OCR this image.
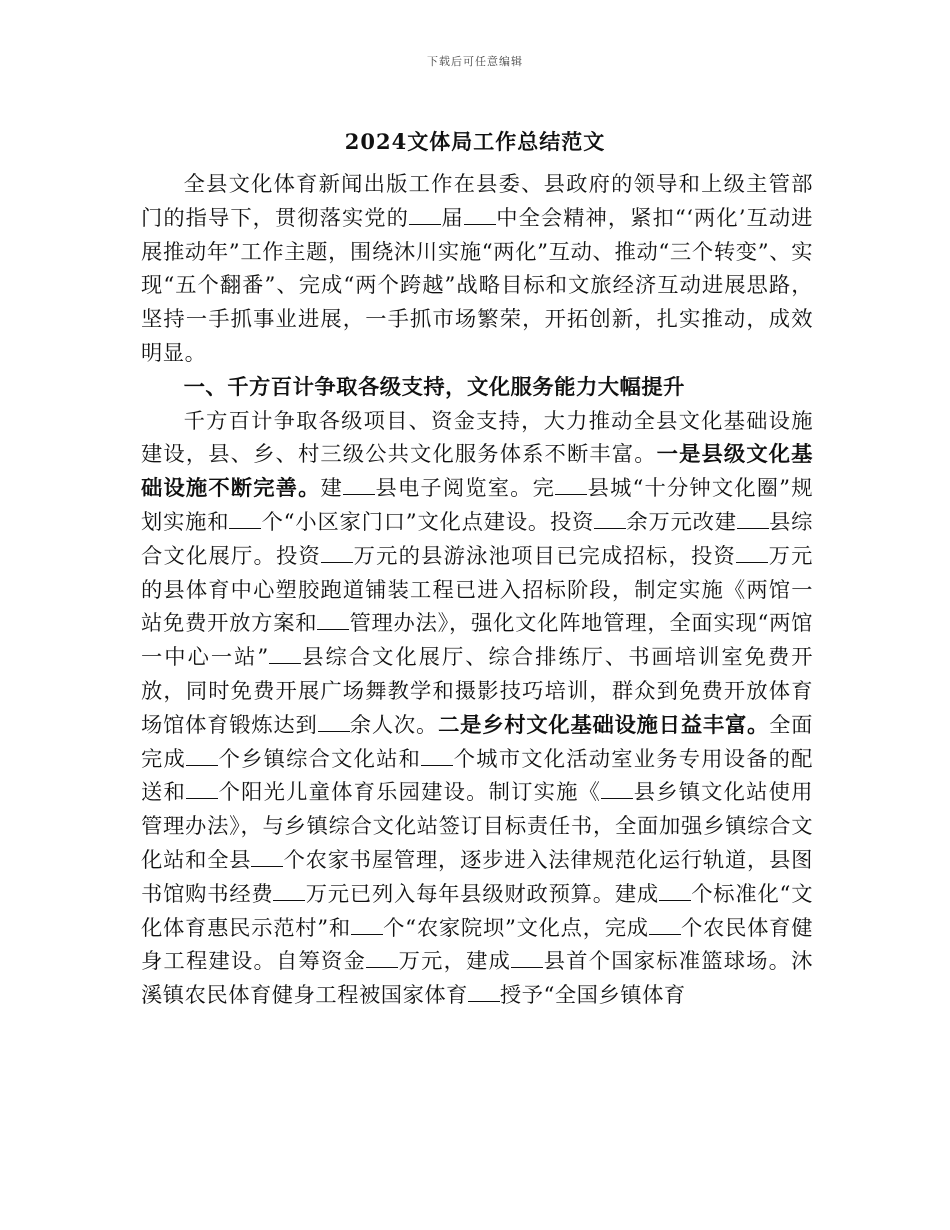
下载后可任意编辑
2024文体局工作总结范文

全县文化体育新闻出版工作在县委、县政府的领导和上级主管部门的指导下，贯彻落实党的 届 中全会精神，紧扣“‘两化’互动进展推动年”工作主题，围绕沐川实施“两化”互动、推动“三个转变”、实现“五个翻番”、完成“两个跨越”战略目标和文旅经济互动进展思路，坚持一手抓事业进展，一手抓市场繁荣，开拓创新，扎实推动，成效明显。

一、千方百计争取各级支持，文化服务能力大幅提升

千方百计争取各级项目、资金支持，大力推动全县文化基础设施建设，县、乡、村三级公共文化服务体系不断丰富。一是县级文化基础设施不断完善。建 县电子阅览室。完 县城“十分钟文化圈”规划实施和 个“小区家门口”文化点建设。投资 余万元改建 县综合文化展厅。投资 万元的县游泳池项目已完成招标，投资 万元的县体育中心塑胶跑道铺装工程已进入招标阶段，制定实施《两馆一站免费开放方案和 管理办法》，强化文化阵地管理，全面实现“两馆一中心一站” 县综合文化展厅、综合排练厅、书画培训室免费开放，同时免费开展广场舞教学和摄影技巧培训，群众到免费开放体育场馆体育锻炼达到 余人次。二是乡村文化基础设施日益丰富。全面完成 个乡镇综合文化站和 个城市文化活动室业务专用设备的配送和 个阳光儿童体育乐园建设。制订实施《 县乡镇文化站使用管理办法》，与乡镇综合文化站签订目标责任书，全面加强乡镇综合文化站和全县 个农家书屋管理，逐步进入法律规范化运行轨道，县图书馆购书经费 万元已列入每年县级财政预算。建成 个标准化“文化体育惠民示范村”和 个“农家院坝”文化点，完成 个农民体育健身工程建设。自筹资金 万元，建成 县首个国家标准篮球场。沐溪镇农民体育健身工程被国家体育 授予“全国乡镇体育
